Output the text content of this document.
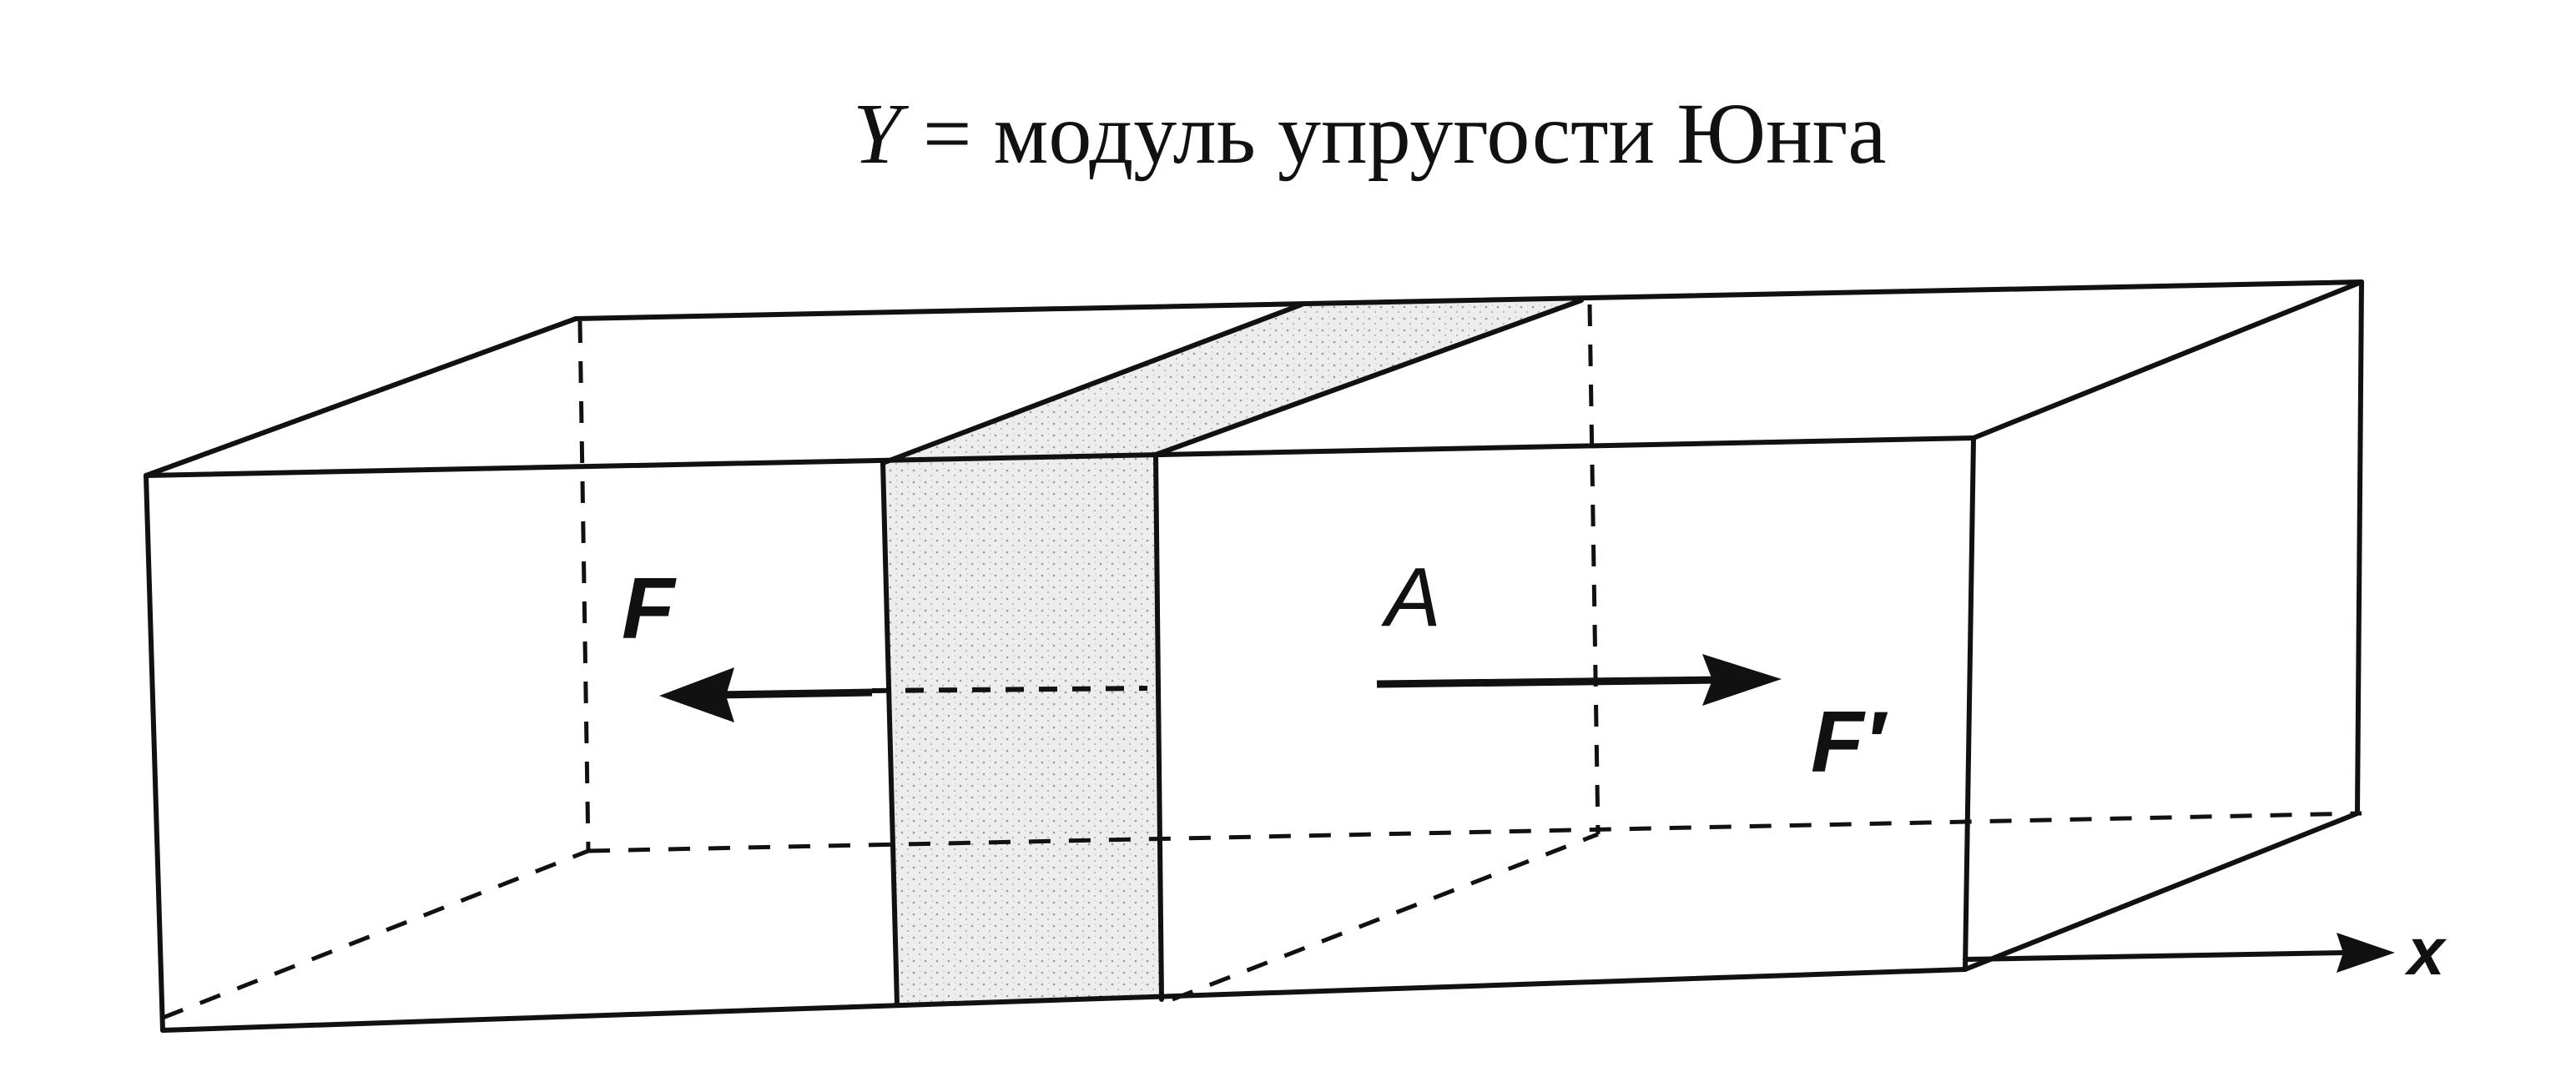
Y = модуль упругости Юнга
F	A
F′
x
